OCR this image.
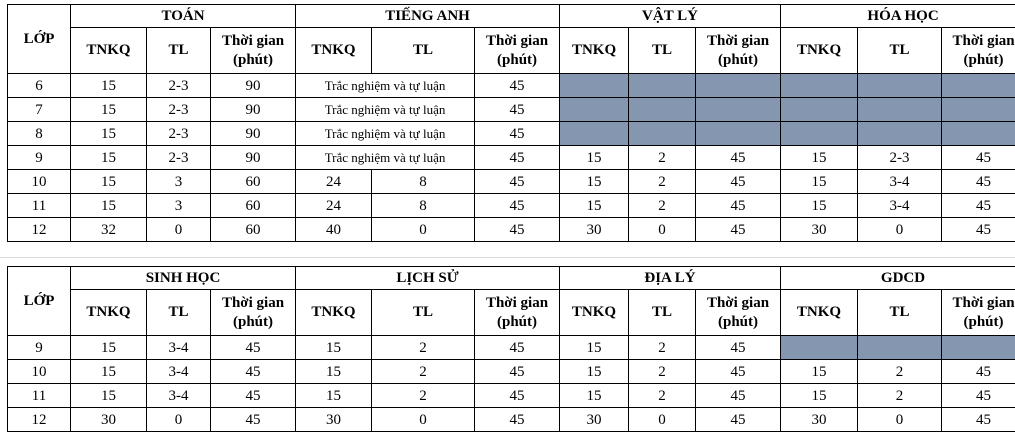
LỚP	TOÁN			TIẾNG ANH			VẬT LÝ			HÓA HỌC		
	TNKQ	TL	Thời gian (phút)	TNKQ	TL	Thời gian (phút)	TNKQ	TL	Thời gian (phút)	TNKQ	TL	Thời gian (phút)
6	15	2-3	90	Trắc nghiệm và tự luận		45						
7	15	2-3	90	Trắc nghiệm và tự luận		45						
8	15	2-3	90	Trắc nghiệm và tự luận		45						
9	15	2-3	90	Trắc nghiệm và tự luận		45	15	2	45	15	2-3	45
10	15	3	60	24	8	45	15	2	45	15	3-4	45
11	15	3	60	24	8	45	15	2	45	15	3-4	45
12	32	0	60	40	0	45	30	0	45	30	0	45
LỚP	SINH HỌC			LỊCH SỬ			ĐỊA LÝ			GDCD		
	TNKQ	TL	Thời gian (phút)	TNKQ	TL	Thời gian (phút)	TNKQ	TL	Thời gian (phút)	TNKQ	TL	Thời gian (phút)
9	15	3-4	45	15	2	45	15	2	45			
10	15	3-4	45	15	2	45	15	2	45	15	2	45
11	15	3-4	45	15	2	45	15	2	45	15	2	45
12	30	0	45	30	0	45	30	0	45	30	0	45
